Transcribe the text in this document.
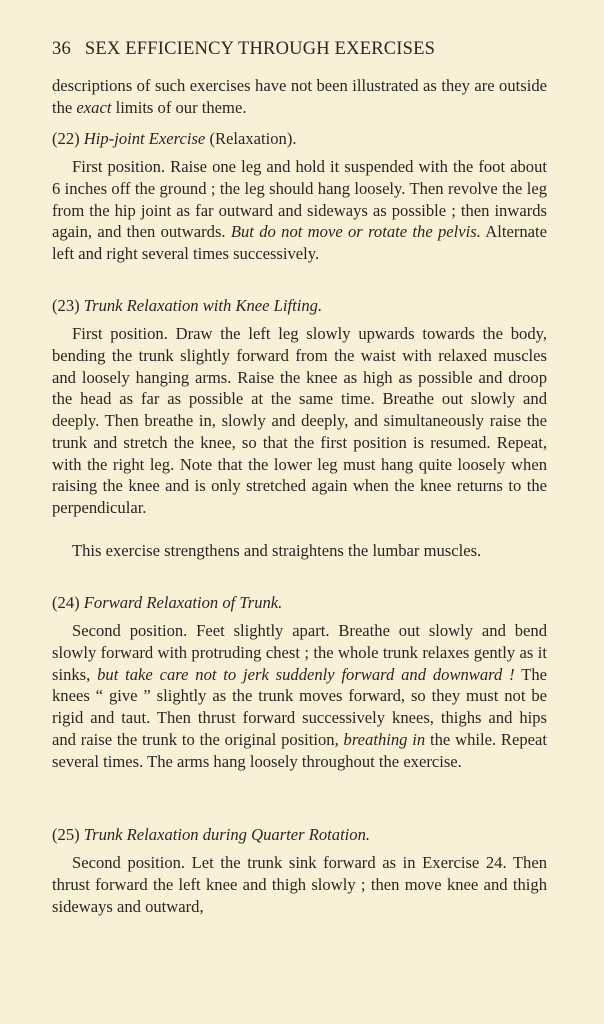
36 SEX EFFICIENCY THROUGH EXERCISES

descriptions of such exercises have not been illustrated as they are outside the exact limits of our theme.

(22) Hip-joint Exercise (Relaxation).

First position. Raise one leg and hold it suspended with the foot about 6 inches off the ground ; the leg should hang loosely. Then revolve the leg from the hip joint as far outward and sideways as possible ; then inwards again, and then outwards. But do not move or rotate the pelvis. Alternate left and right several times successively.

(23) Trunk Relaxation with Knee Lifting.

First position. Draw the left leg slowly upwards towards the body, bending the trunk slightly forward from the waist with relaxed muscles and loosely hanging arms. Raise the knee as high as possible and droop the head as far as possible at the same time. Breathe out slowly and deeply. Then breathe in, slowly and deeply, and simultaneously raise the trunk and stretch the knee, so that the first position is resumed. Repeat, with the right leg. Note that the lower leg must hang quite loosely when raising the knee and is only stretched again when the knee returns to the perpendicular.

This exercise strengthens and straightens the lumbar muscles.

(24) Forward Relaxation of Trunk.

Second position. Feet slightly apart. Breathe out slowly and bend slowly forward with protruding chest ; the whole trunk relaxes gently as it sinks, but take care not to jerk suddenly forward and downward ! The knees “ give ” slightly as the trunk moves forward, so they must not be rigid and taut. Then thrust forward successively knees, thighs and hips and raise the trunk to the original position, breathing in the while. Repeat several times. The arms hang loosely throughout the exercise.

(25) Trunk Relaxation during Quarter Rotation.

Second position. Let the trunk sink forward as in Exercise 24. Then thrust forward the left knee and thigh slowly ; then move knee and thigh sideways and outward,
